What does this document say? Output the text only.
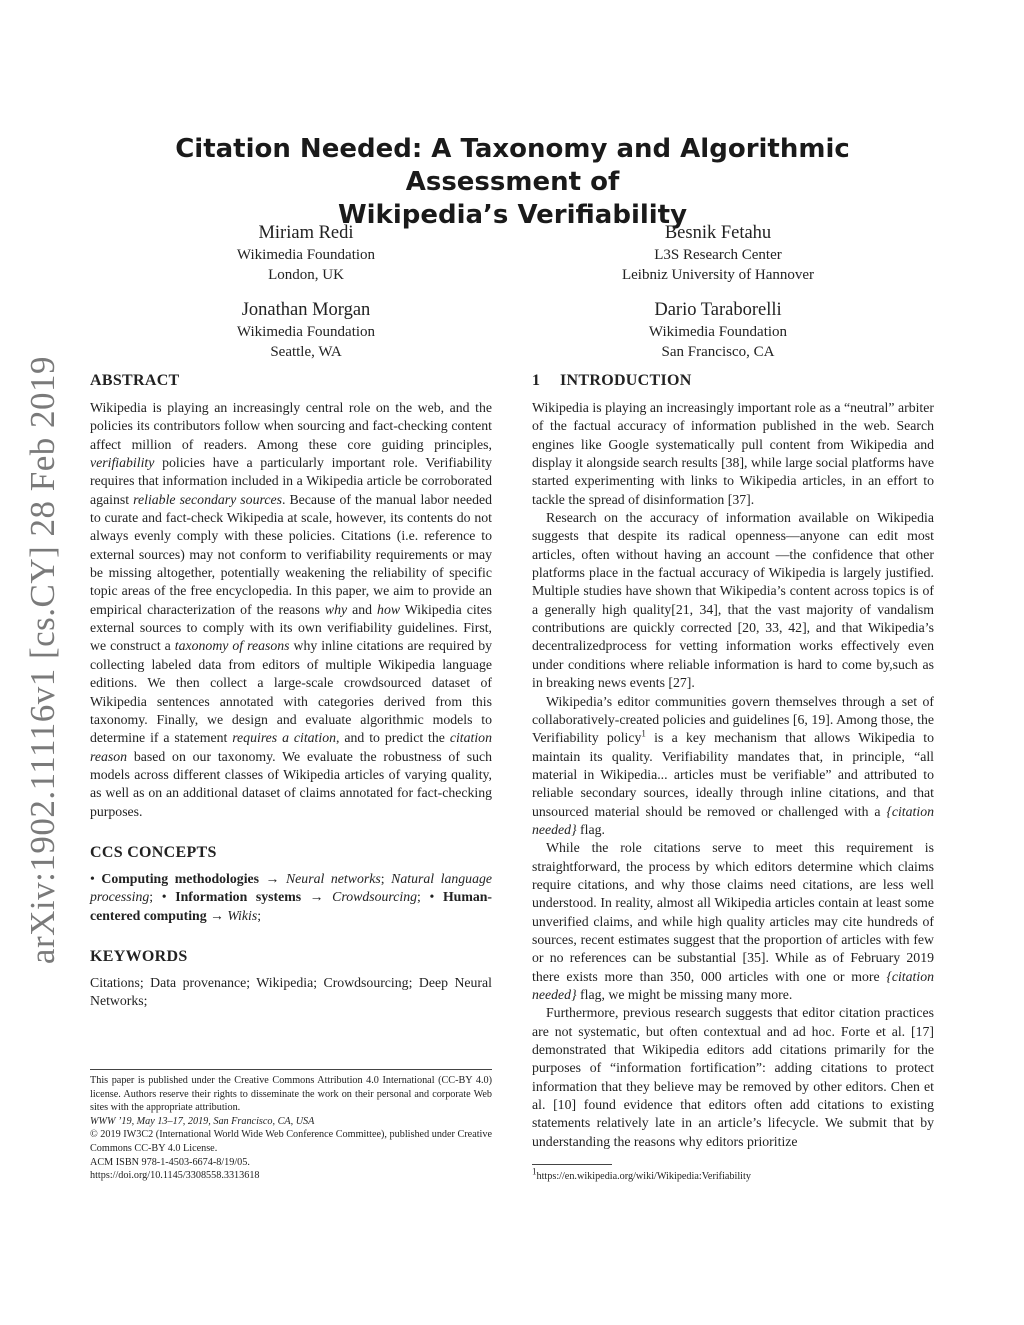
arXiv:1902.11116v1 [cs.CY] 28 Feb 2019
Citation Needed: A Taxonomy and Algorithmic Assessment of
Wikipedia’s Verifiability
Miriam Redi
Wikimedia Foundation
London, UK
Besnik Fetahu
L3S Research Center
Leibniz University of Hannover
Jonathan Morgan
Wikimedia Foundation
Seattle, WA
Dario Taraborelli
Wikimedia Foundation
San Francisco, CA
ABSTRACT

Wikipedia is playing an increasingly central role on the web, and the policies its contributors follow when sourcing and fact-checking content affect million of readers. Among these core guiding principles, verifiability policies have a particularly important role. Verifiability requires that information included in a Wikipedia article be corroborated against reliable secondary sources. Because of the manual labor needed to curate and fact-check Wikipedia at scale, however, its contents do not always evenly comply with these policies. Citations (i.e. reference to external sources) may not conform to verifiability requirements or may be missing altogether, potentially weakening the reliability of specific topic areas of the free encyclopedia. In this paper, we aim to provide an empirical characterization of the reasons why and how Wikipedia cites external sources to comply with its own verifiability guidelines. First, we construct a taxonomy of reasons why inline citations are required by collecting labeled data from editors of multiple Wikipedia language editions. We then collect a large-scale crowdsourced dataset of Wikipedia sentences annotated with categories derived from this taxonomy. Finally, we design and evaluate algorithmic models to determine if a statement requires a citation, and to predict the citation reason based on our taxonomy. We evaluate the robustness of such models across different classes of Wikipedia articles of varying quality, as well as on an additional dataset of claims annotated for fact-checking purposes.

CCS CONCEPTS

• Computing methodologies → Neural networks; Natural language processing; • Information systems → Crowdsourcing; • Human-centered computing → Wikis;

KEYWORDS

Citations; Data provenance; Wikipedia; Crowdsourcing; Deep Neural Networks;

This paper is published under the Creative Commons Attribution 4.0 International (CC-BY 4.0) license. Authors reserve their rights to disseminate the work on their personal and corporate Web sites with the appropriate attribution.

WWW ’19, May 13–17, 2019, San Francisco, CA, USA

© 2019 IW3C2 (International World Wide Web Conference Committee), published under Creative Commons CC-BY 4.0 License.

ACM ISBN 978-1-4503-6674-8/19/05.

https://doi.org/10.1145/3308558.3313618

1 INTRODUCTION

Wikipedia is playing an increasingly important role as a “neutral” arbiter of the factual accuracy of information published in the web. Search engines like Google systematically pull content from Wikipedia and display it alongside search results [38], while large social platforms have started experimenting with links to Wikipedia articles, in an effort to tackle the spread of disinformation [37].

Research on the accuracy of information available on Wikipedia suggests that despite its radical openness—anyone can edit most articles, often without having an account —the confidence that other platforms place in the factual accuracy of Wikipedia is largely justified. Multiple studies have shown that Wikipedia’s content across topics is of a generally high quality[21, 34], that the vast majority of vandalism contributions are quickly corrected [20, 33, 42], and that Wikipedia’s decentralizedprocess for vetting information works effectively even under conditions where reliable information is hard to come by,such as in breaking news events [27].

Wikipedia’s editor communities govern themselves through a set of collaboratively-created policies and guidelines [6, 19]. Among those, the Verifiability policy$^1$ is a key mechanism that allows Wikipedia to maintain its quality. Verifiability mandates that, in principle, “all material in Wikipedia... articles must be verifiable” and attributed to reliable secondary sources, ideally through inline citations, and that unsourced material should be removed or challenged with a {citation needed} flag.

While the role citations serve to meet this requirement is straightforward, the process by which editors determine which claims require citations, and why those claims need citations, are less well understood. In reality, almost all Wikipedia articles contain at least some unverified claims, and while high quality articles may cite hundreds of sources, recent estimates suggest that the proportion of articles with few or no references can be substantial [35]. While as of February 2019 there exists more than 350, 000 articles with one or more {citation needed} flag, we might be missing many more.

Furthermore, previous research suggests that editor citation practices are not systematic, but often contextual and ad hoc. Forte et al. [17] demonstrated that Wikipedia editors add citations primarily for the purposes of “information fortification”: adding citations to protect information that they believe may be removed by other editors. Chen et al. [10] found evidence that editors often add citations to existing statements relatively late in an article’s lifecycle. We submit that by understanding the reasons why editors prioritize

$^1$https://en.wikipedia.org/wiki/Wikipedia:Verifiability
